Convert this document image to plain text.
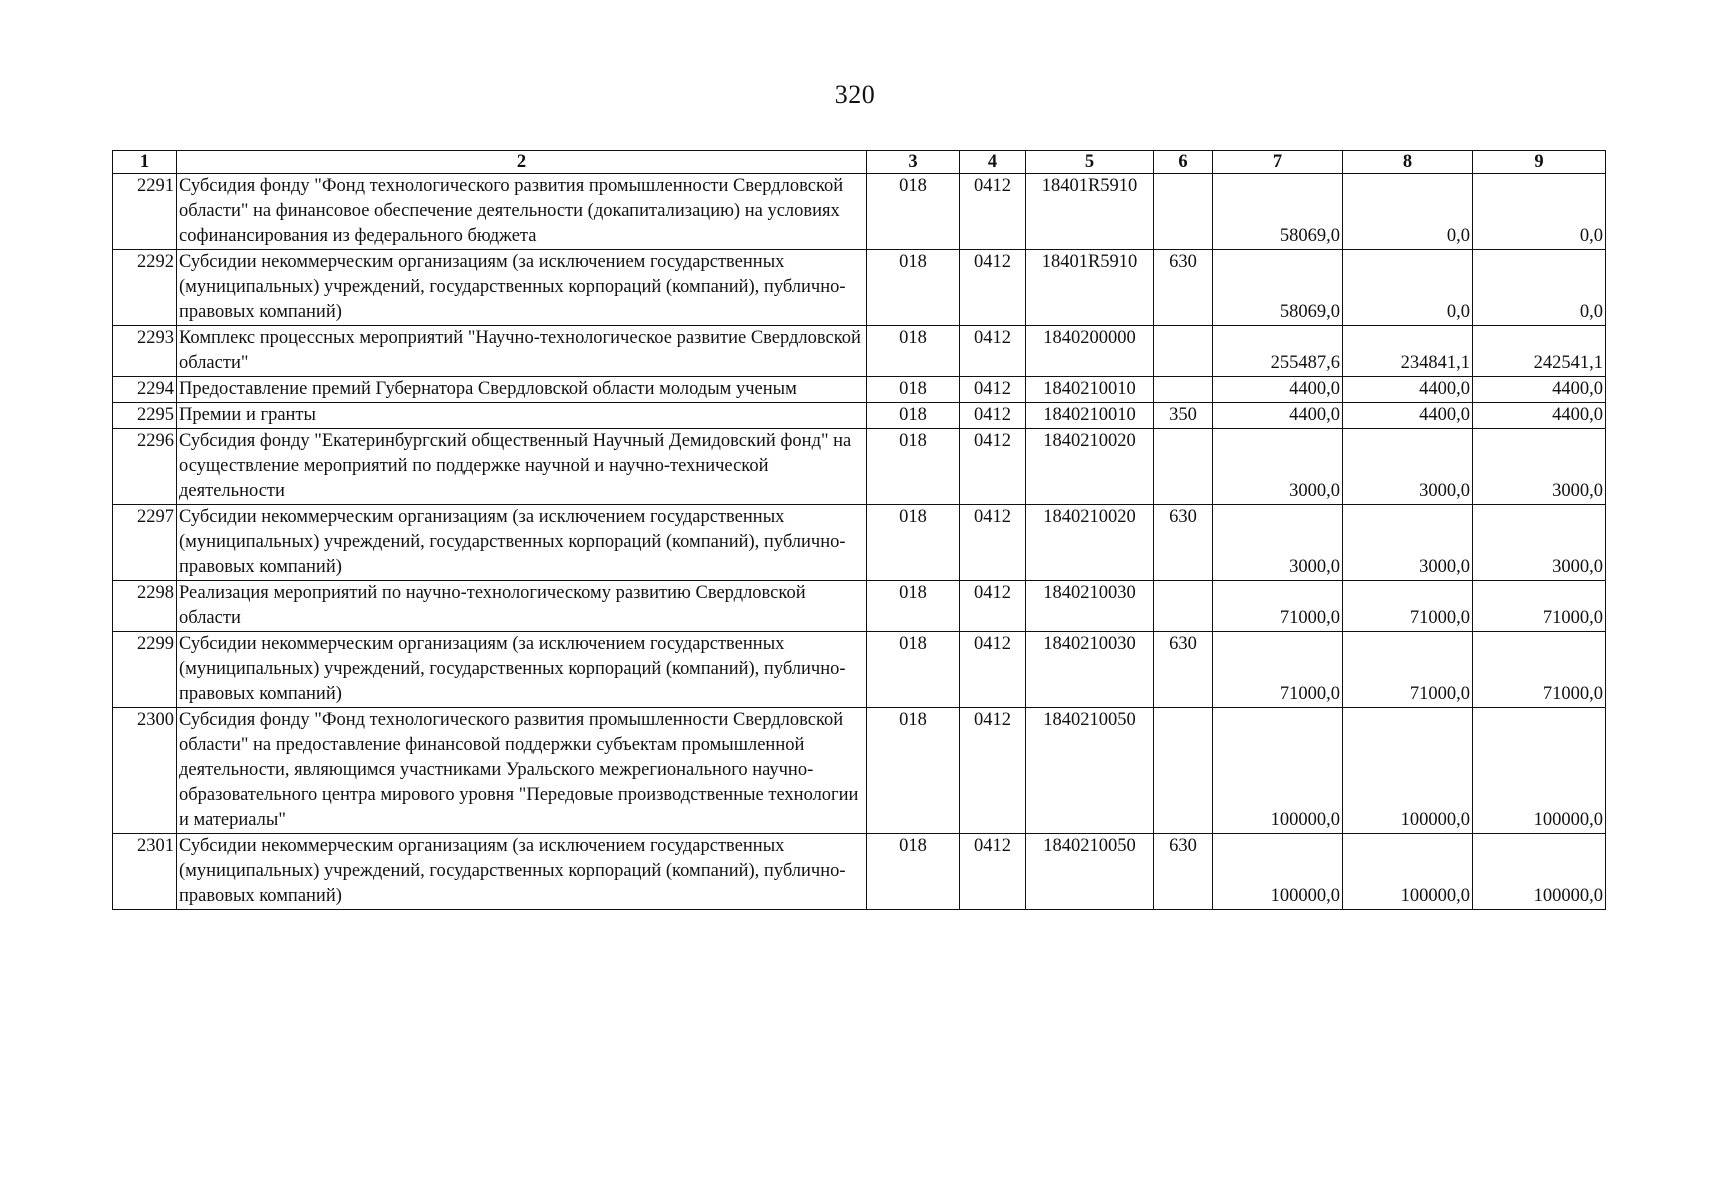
320
1	2	3	4	5	6	7	8	9
2291	Субсидия фонду "Фонд технологического развития промышленности Свердловской области" на финансовое обеспечение деятельности (докапитализацию) на условиях софинансирования из федерального бюджета	018	0412	18401R5910		58069,0	0,0	0,0
2292	Субсидии некоммерческим организациям (за исключением государственных (муниципальных) учреждений, государственных корпораций (компаний), публично-правовых компаний)	018	0412	18401R5910	630	58069,0	0,0	0,0
2293	Комплекс процессных мероприятий "Научно-технологическое развитие Свердловской области"	018	0412	1840200000		255487,6	234841,1	242541,1
2294	Предоставление премий Губернатора Свердловской области молодым ученым	018	0412	1840210010		4400,0	4400,0	4400,0
2295	Премии и гранты	018	0412	1840210010	350	4400,0	4400,0	4400,0
2296	Субсидия фонду "Екатеринбургский общественный Научный Демидовский фонд" на осуществление мероприятий по поддержке научной и научно-технической деятельности	018	0412	1840210020		3000,0	3000,0	3000,0
2297	Субсидии некоммерческим организациям (за исключением государственных (муниципальных) учреждений, государственных корпораций (компаний), публично-правовых компаний)	018	0412	1840210020	630	3000,0	3000,0	3000,0
2298	Реализация мероприятий по научно-технологическому развитию Свердловской области	018	0412	1840210030		71000,0	71000,0	71000,0
2299	Субсидии некоммерческим организациям (за исключением государственных (муниципальных) учреждений, государственных корпораций (компаний), публично-правовых компаний)	018	0412	1840210030	630	71000,0	71000,0	71000,0
2300	Субсидия фонду "Фонд технологического развития промышленности Свердловской области" на предоставление финансовой поддержки субъектам промышленной деятельности, являющимся участниками Уральского межрегионального научно-образовательного центра мирового уровня "Передовые производственные технологии и материалы"	018	0412	1840210050		100000,0	100000,0	100000,0
2301	Субсидии некоммерческим организациям (за исключением государственных (муниципальных) учреждений, государственных корпораций (компаний), публично-правовых компаний)	018	0412	1840210050	630	100000,0	100000,0	100000,0
